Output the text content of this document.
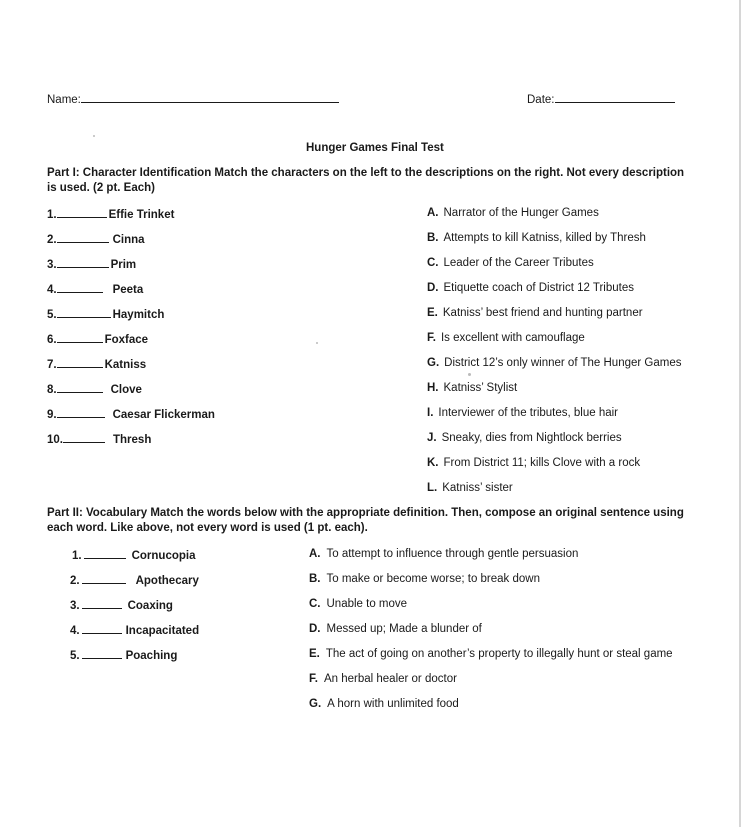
Name:	Date:
Hunger Games Final Test
Part I: Character Identification Match the characters on the left to the descriptions on the right. Not every description is used. (2 pt. Each)
1.	Effie Trinket
2.	Cinna
3.	Prim
4.	Peeta
5.	Haymitch
6.	Foxface
7.	Katniss
8.	Clove
9.	Caesar Flickerman
10.	Thresh
A. Narrator of the Hunger Games
B. Attempts to kill Katniss, killed by Thresh
C. Leader of the Career Tributes
D. Etiquette coach of District 12 Tributes
E. Katniss’ best friend and hunting partner
F. Is excellent with camouflage
G. District 12’s only winner of The Hunger Games
H. Katniss’ Stylist
I. Interviewer of the tributes, blue hair
J. Sneaky, dies from Nightlock berries
K. From District 11; kills Clove with a rock
L. Katniss’ sister
Part II: Vocabulary Match the words below with the appropriate definition. Then, compose an original sentence using each word. Like above, not every word is used (1 pt. each).
1.	Cornucopia
2.	Apothecary
3.	Coaxing
4.	Incapacitated
5.	Poaching
A. To attempt to influence through gentle persuasion
B. To make or become worse; to break down
C. Unable to move
D. Messed up; Made a blunder of
E. The act of going on another’s property to illegally hunt or steal game
F. An herbal healer or doctor
G. A horn with unlimited food
